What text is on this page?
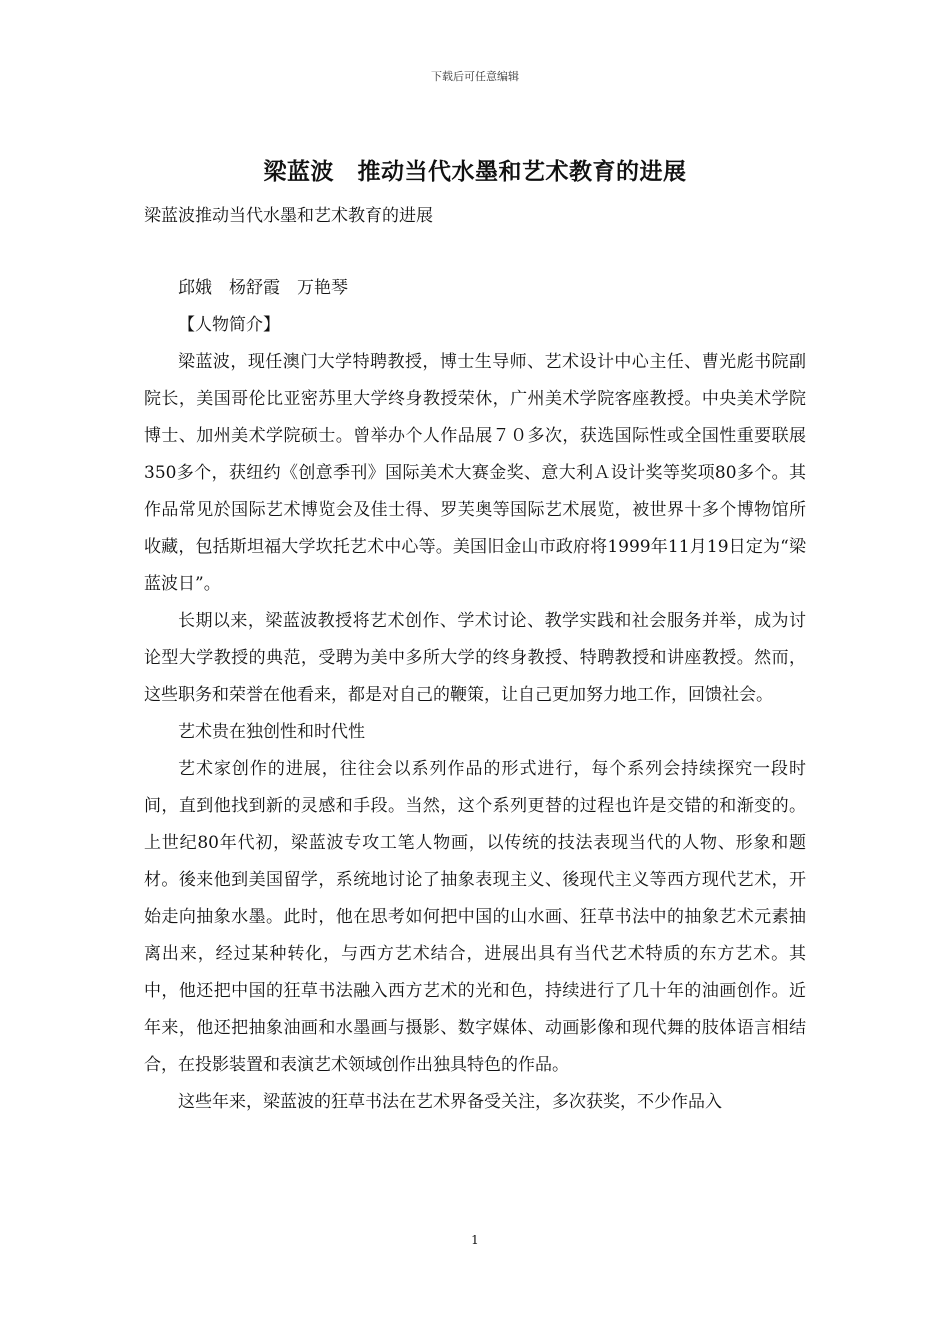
下载后可任意编辑
梁蓝波　推动当代水墨和艺术教育的进展
梁蓝波推动当代水墨和艺术教育的进展

邱娥　杨舒霞　万艳琴

【人物简介】

梁蓝波，现任澳门大学特聘教授，博士生导师、艺术设计中心主任、曹光彪书院副院长，美国哥伦比亚密苏里大学终身教授荣休，广州美术学院客座教授。中央美术学院博士、加州美术学院硕士。曾举办个人作品展７０多次，获选国际性或全国性重要联展350多个，获纽约《创意季刊》国际美术大赛金奖、意大利Ａ设计奖等奖项80多个。其作品常见於国际艺术博览会及佳士得、罗芙奥等国际艺术展览，被世界十多个博物馆所收藏，包括斯坦福大学坎托艺术中心等。美国旧金山市政府将1999年11月19日定为“梁蓝波日”。

长期以来，梁蓝波教授将艺术创作、学术讨论、教学实践和社会服务并举，成为讨论型大学教授的典范，受聘为美中多所大学的终身教授、特聘教授和讲座教授。然而，这些职务和荣誉在他看来，都是对自己的鞭策，让自己更加努力地工作，回馈社会。

艺术贵在独创性和时代性

艺术家创作的进展，往往会以系列作品的形式进行，每个系列会持续探究一段时间，直到他找到新的灵感和手段。当然，这个系列更替的过程也许是交错的和渐变的。上世纪80年代初，梁蓝波专攻工笔人物画，以传统的技法表现当代的人物、形象和题材。後来他到美国留学，系统地讨论了抽象表现主义、後现代主义等西方现代艺术，开始走向抽象水墨。此时，他在思考如何把中国的山水画、狂草书法中的抽象艺术元素抽离出来，经过某种转化，与西方艺术结合，进展出具有当代艺术特质的东方艺术。其中，他还把中国的狂草书法融入西方艺术的光和色，持续进行了几十年的油画创作。近年来，他还把抽象油画和水墨画与摄影、数字媒体、动画影像和现代舞的肢体语言相结合，在投影装置和表演艺术领域创作出独具特色的作品。

这些年来，梁蓝波的狂草书法在艺术界备受关注，多次获奖，不少作品入

1
